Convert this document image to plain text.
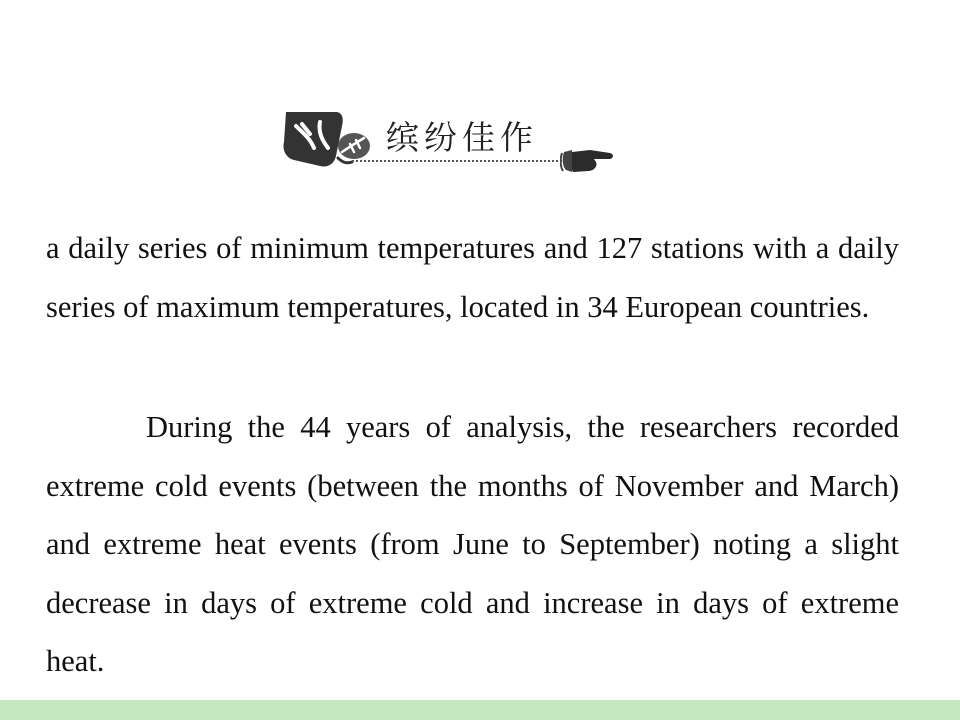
缤纷佳作

a daily series of minimum temperatures and 127 stations with a daily series of maximum temperatures, located in 34 European countries.

During the 44 years of analysis, the researchers recorded extreme cold events (between the months of November and March) and extreme heat events (from June to September) noting a slight decrease in days of extreme cold and increase in days of extreme heat.
